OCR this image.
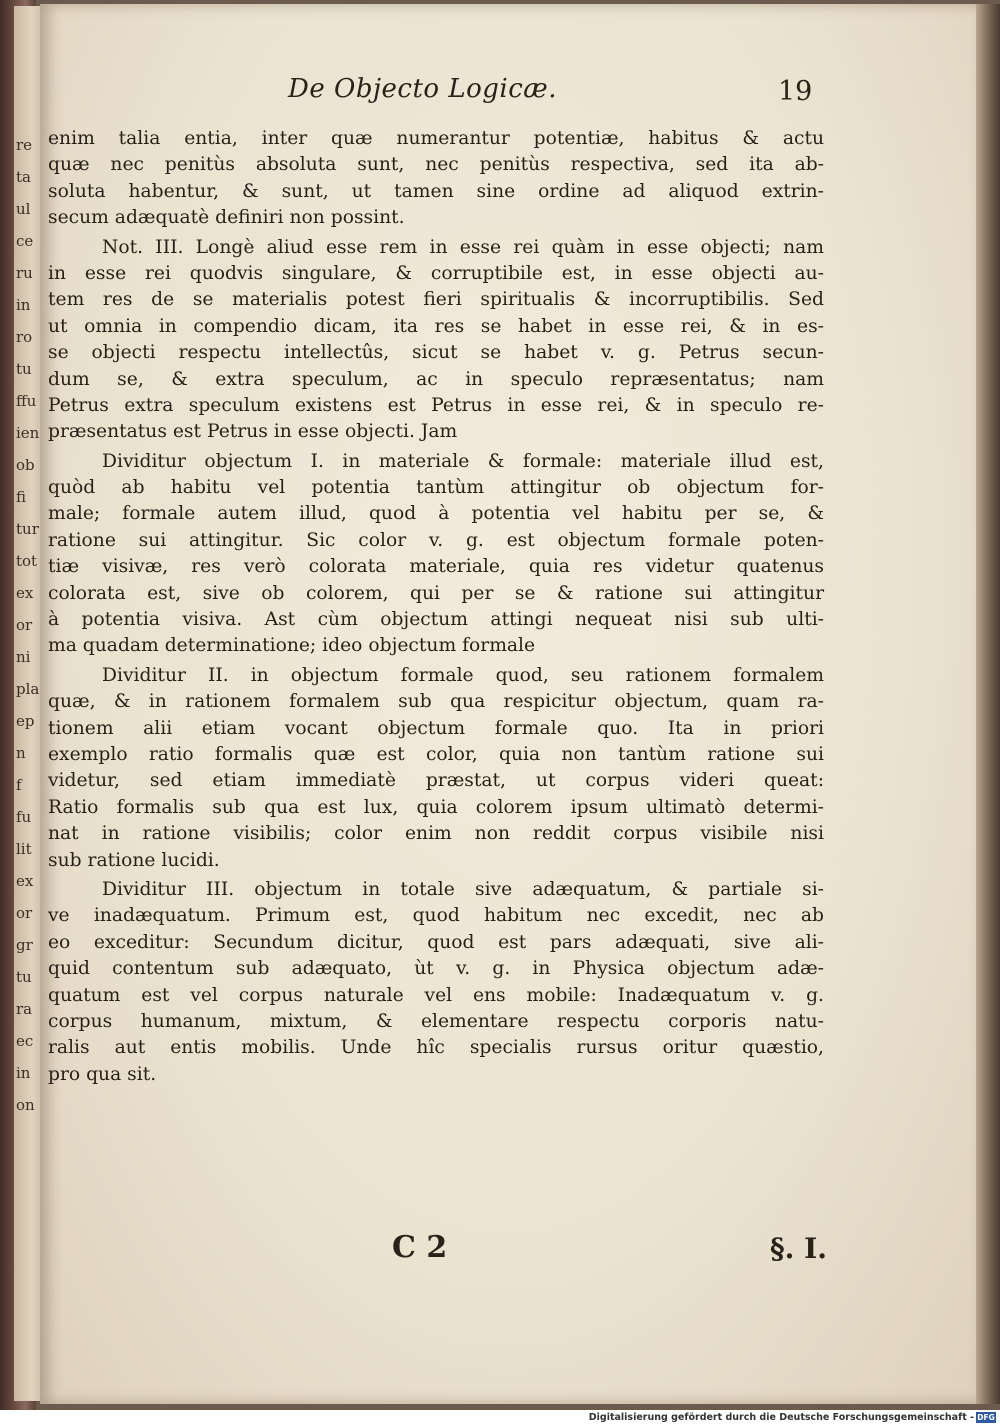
re
ta
ul
ce
ru
in
ro
tu
ffu
ien
ob
fi
tur
tot
ex
or
ni
pla
ep
n
f
fu
lit
ex
or
gr
tu
ra
ec
in
on
De Objecto Logicæ.	19
enim talia entia, inter quæ numerantur potentiæ, habitus & actu
quæ nec penitùs absoluta sunt, nec penitùs respectiva, sed ita ab-
soluta habentur, & sunt, ut tamen sine ordine ad aliquod extrin-
secum adæquatè definiri non possint.
Not. III. Longè aliud esse rem in esse rei quàm in esse objecti; nam
in esse rei quodvis singulare, & corruptibile est, in esse objecti au-
tem res de se materialis potest fieri spiritualis & incorruptibilis. Sed
ut omnia in compendio dicam, ita res se habet in esse rei, & in es-
se objecti respectu intellectûs, sicut se habet v. g. Petrus secun-
dum se, & extra speculum, ac in speculo repræsentatus; nam
Petrus extra speculum existens est Petrus in esse rei, & in speculo re-
præsentatus est Petrus in esse objecti. Jam
Dividitur objectum I. in materiale & formale: materiale illud est,
quòd ab habitu vel potentia tantùm attingitur ob objectum for-
male; formale autem illud, quod à potentia vel habitu per se, &
ratione sui attingitur. Sic color v. g. est objectum formale poten-
tiæ visivæ, res verò colorata materiale, quia res videtur quatenus
colorata est, sive ob colorem, qui per se & ratione sui attingitur
à potentia visiva. Ast cùm objectum attingi nequeat nisi sub ulti-
ma quadam determinatione; ideo objectum formale
Dividitur II. in objectum formale quod, seu rationem formalem
quæ, & in rationem formalem sub qua respicitur objectum, quam ra-
tionem alii etiam vocant objectum formale quo. Ita in priori
exemplo ratio formalis quæ est color, quia non tantùm ratione sui
videtur, sed etiam immediatè præstat, ut corpus videri queat:
Ratio formalis sub qua est lux, quia colorem ipsum ultimatò determi-
nat in ratione visibilis; color enim non reddit corpus visibile nisi
sub ratione lucidi.
Dividitur III. objectum in totale sive adæquatum, & partiale si-
ve inadæquatum. Primum est, quod habitum nec excedit, nec ab
eo exceditur: Secundum dicitur, quod est pars adæquati, sive ali-
quid contentum sub adæquato, ùt v. g. in Physica objectum adæ-
quatum est vel corpus naturale vel ens mobile: Inadæquatum v. g.
corpus humanum, mixtum, & elementare respectu corporis natu-
ralis aut entis mobilis. Unde hîc specialis rursus oritur quæstio,
pro qua sit.
C 2	§. I.
Digitalisierung gefördert durch die Deutsche Forschungsgemeinschaft - DFG
